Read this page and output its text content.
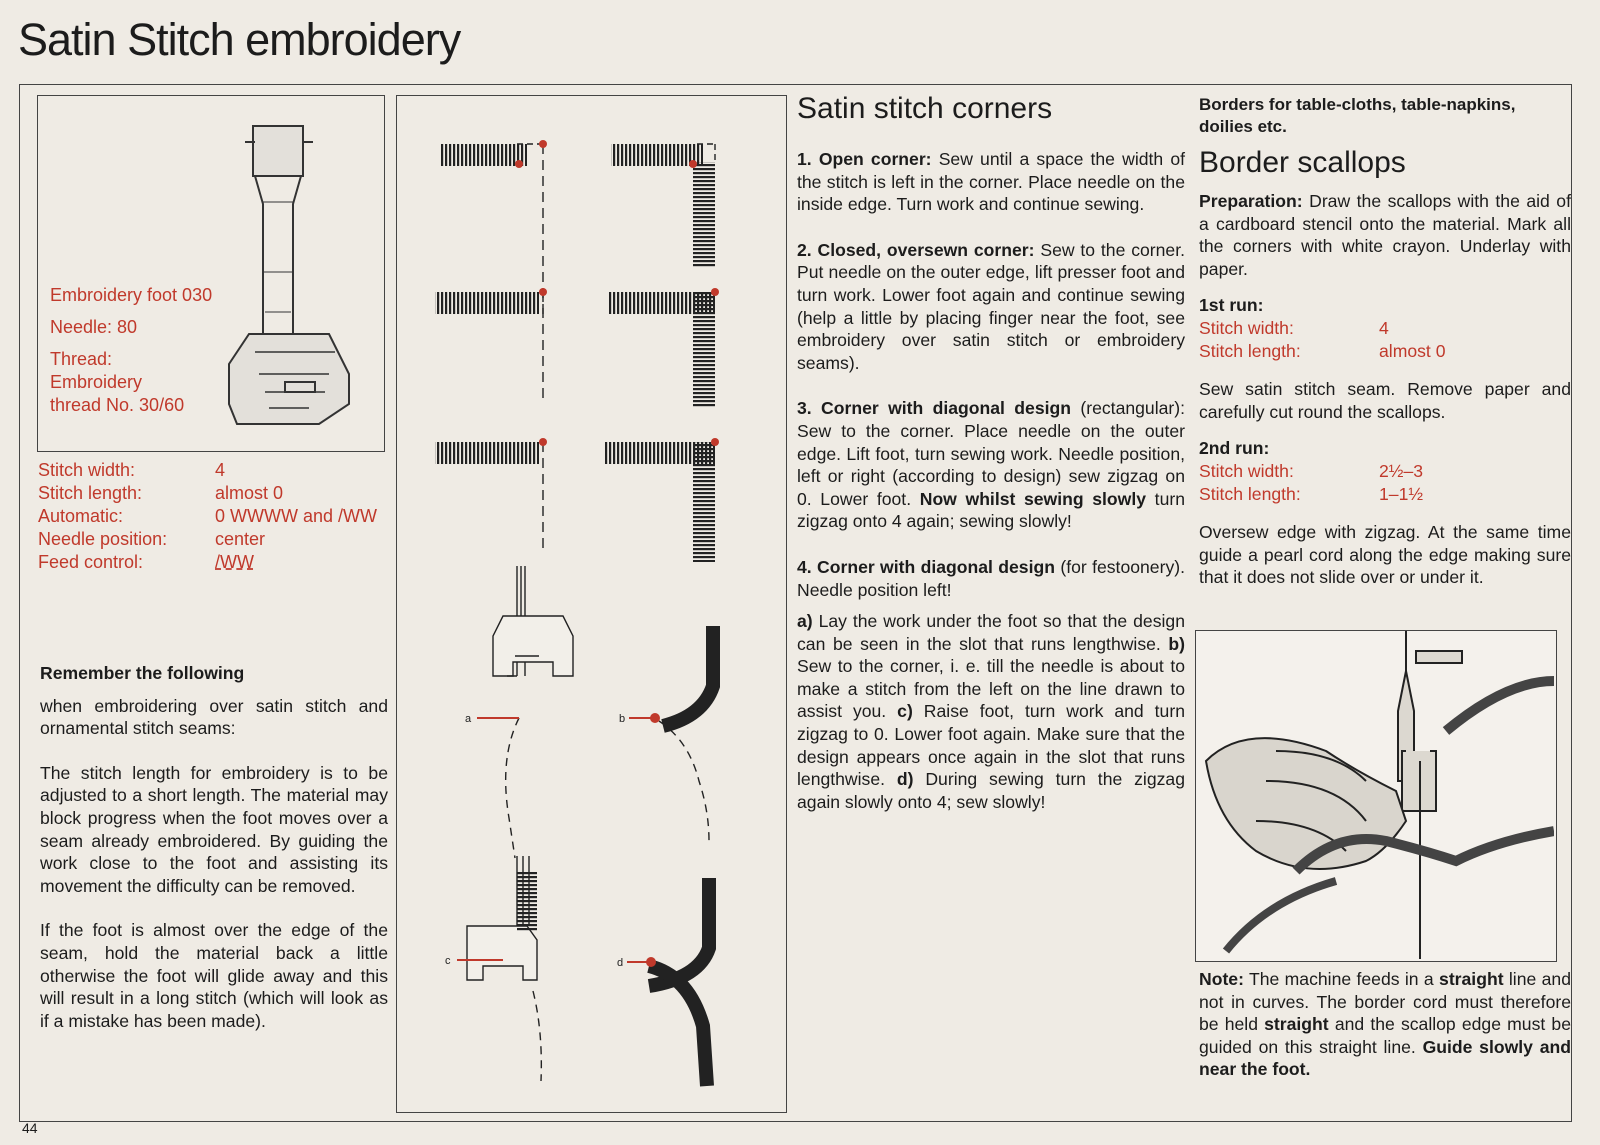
Satin Stitch embroidery
Embroidery foot 030
Needle: 80
Thread:
Embroidery
thread No. 30/60
Stitch width:	4
Stitch length:	almost 0
Automatic:	0 WWWW and /WW
Needle position:	center
Feed control:	/WW

Remember the following

when embroidering over satin stitch and ornamental stitch seams:

The stitch length for embroidery is to be adjusted to a short length. The material may block progress when the foot moves over a seam already embroidered. By guiding the work close to the foot and assisting its movement the difficulty can be removed.

If the foot is almost over the edge of the seam, hold the material back a little otherwise the foot will glide away and this will result in a long stitch (which will look as if a mistake has been made).

a	b
c	d
Satin stitch corners

1. Open corner: Sew until a space the width of the stitch is left in the corner. Place needle on the inside edge. Turn work and continue sewing.

2. Closed, oversewn corner: Sew to the corner. Put needle on the outer edge, lift presser foot and turn work. Lower foot again and continue sewing (help a little by placing finger near the foot, see embroidery over satin stitch or embroidery seams).

3. Corner with diagonal design (rectangular): Sew to the corner. Place needle on the outer edge. Lift foot, turn sewing work. Needle position, left or right (according to design) sew zigzag on 0. Lower foot. Now whilst sewing slowly turn zigzag onto 4 again; sewing slowly!

4. Corner with diagonal design (for festoonery). Needle position left!

a) Lay the work under the foot so that the design can be seen in the slot that runs lengthwise. b) Sew to the corner, i. e. till the needle is about to make a stitch from the left on the line drawn to assist you. c) Raise foot, turn work and turn zigzag to 0. Lower foot again. Make sure that the design appears once again in the slot that runs lengthwise. d) During sewing turn the zigzag again slowly onto 4; sew slowly!

Borders for table-cloths, table-napkins, doilies etc.
Border scallops

Preparation: Draw the scallops with the aid of a cardboard stencil onto the material. Mark all the corners with white crayon. Underlay with paper.

1st run:
Stitch width:	4
Stitch length:	almost 0

Sew satin stitch seam. Remove paper and carefully cut round the scallops.

2nd run:
Stitch width:	2½–3
Stitch length:	1–1½

Oversew edge with zigzag. At the same time guide a pearl cord along the edge making sure that it does not slide over or under it.

Note: The machine feeds in a straight line and not in curves. The border cord must therefore be held straight and the scallop edge must be guided on this straight line. Guide slowly and near the foot.

44
